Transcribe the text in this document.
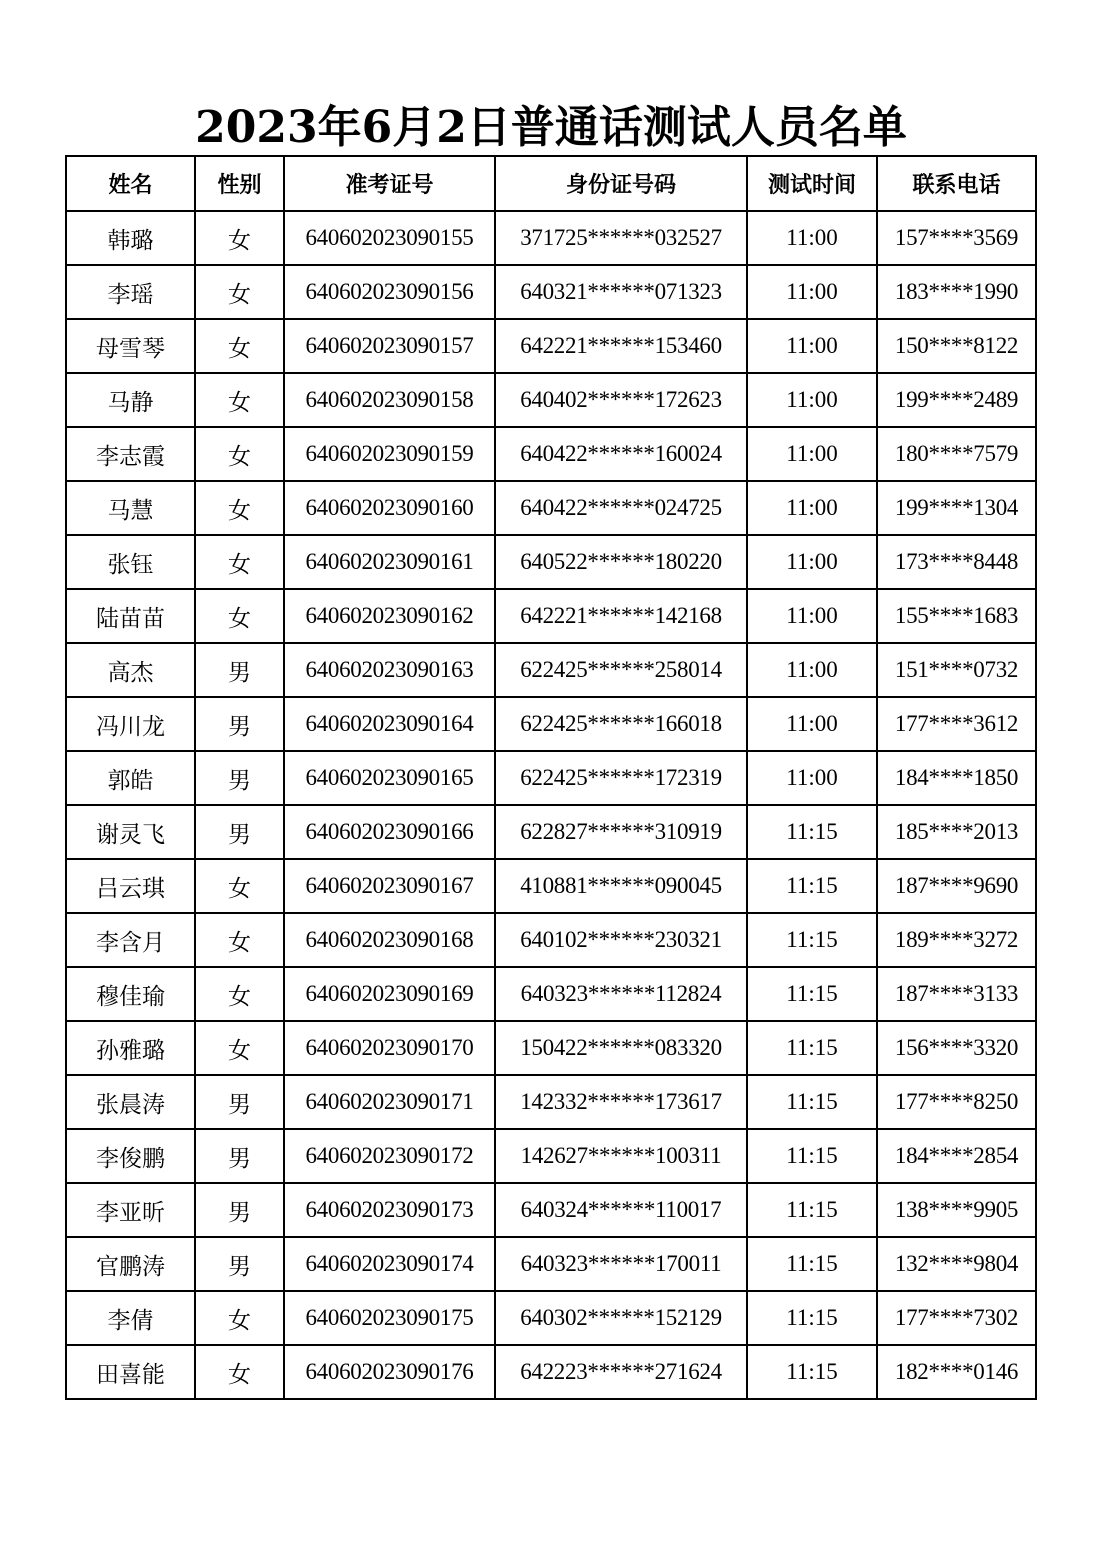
2023年6月2日普通话测试人员名单
姓名	性别	准考证号	身份证号码	测试时间	联系电话
韩璐	女	640602023090155	371725******032527	11:00	157****3569
李瑶	女	640602023090156	640321******071323	11:00	183****1990
母雪琴	女	640602023090157	642221******153460	11:00	150****8122
马静	女	640602023090158	640402******172623	11:00	199****2489
李志霞	女	640602023090159	640422******160024	11:00	180****7579
马慧	女	640602023090160	640422******024725	11:00	199****1304
张钰	女	640602023090161	640522******180220	11:00	173****8448
陆苗苗	女	640602023090162	642221******142168	11:00	155****1683
高杰	男	640602023090163	622425******258014	11:00	151****0732
冯川龙	男	640602023090164	622425******166018	11:00	177****3612
郭皓	男	640602023090165	622425******172319	11:00	184****1850
谢灵飞	男	640602023090166	622827******310919	11:15	185****2013
吕云琪	女	640602023090167	410881******090045	11:15	187****9690
李含月	女	640602023090168	640102******230321	11:15	189****3272
穆佳瑜	女	640602023090169	640323******112824	11:15	187****3133
孙雅璐	女	640602023090170	150422******083320	11:15	156****3320
张晨涛	男	640602023090171	142332******173617	11:15	177****8250
李俊鹏	男	640602023090172	142627******100311	11:15	184****2854
李亚昕	男	640602023090173	640324******110017	11:15	138****9905
官鹏涛	男	640602023090174	640323******170011	11:15	132****9804
李倩	女	640602023090175	640302******152129	11:15	177****7302
田喜能	女	640602023090176	642223******271624	11:15	182****0146
